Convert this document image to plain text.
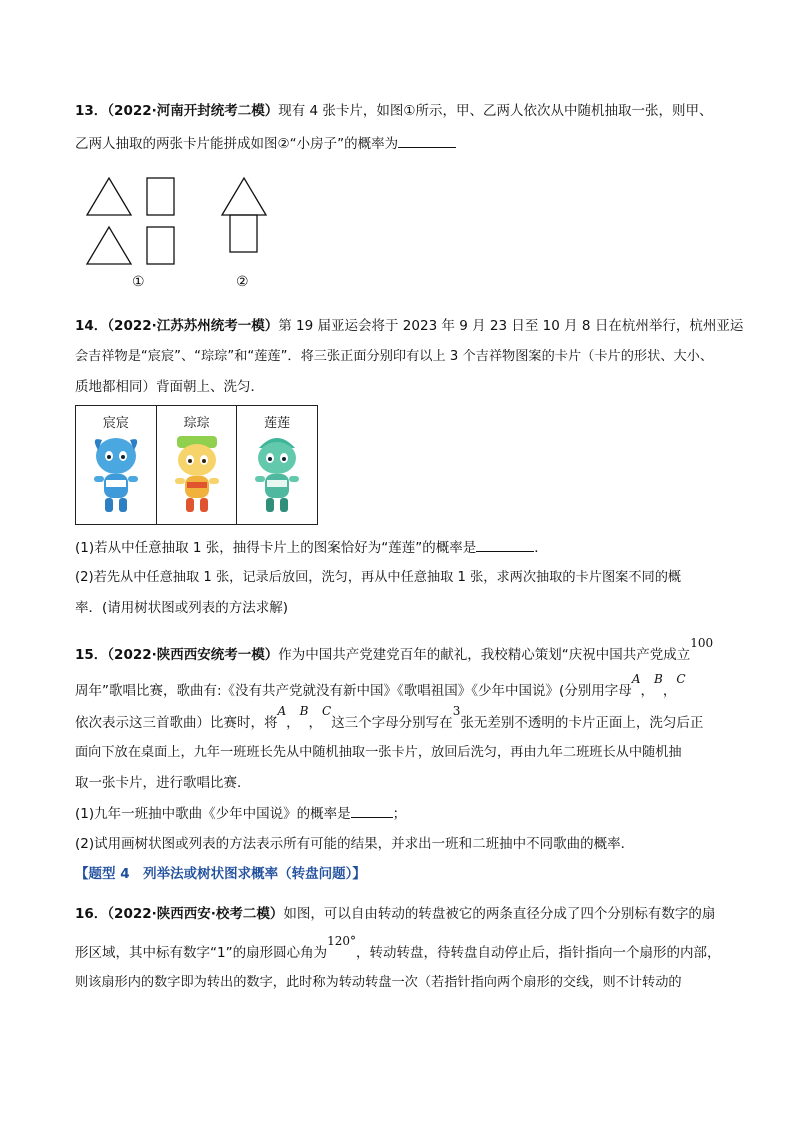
13．（2022·河南开封统考二模）现有 4 张卡片，如图①所示，甲、乙两人依次从中随机抽取一张，则甲、
乙两人抽取的两张卡片能拼成如图②“小房子”的概率为
①	②
14．（2022·江苏苏州统考一模）第 19 届亚运会将于 2023 年 9 月 23 日至 10 月 8 日在杭州举行，杭州亚运
会吉祥物是“宸宸”、“琮琮”和“莲莲”．将三张正面分别印有以上 3 个吉祥物图案的卡片（卡片的形状、大小、
质地都相同）背面朝上、洗匀．
宸宸	琮琮	莲莲
(1)若从中任意抽取 1 张，抽得卡片上的图案恰好为“莲莲”的概率是	．
(2)若先从中任意抽取 1 张，记录后放回，洗匀，再从中任意抽取 1 张，求两次抽取的卡片图案不同的概
率．(请用树状图或列表的方法求解)
15．（2022·陕西西安统考一模）作为中国共产党建党百年的献礼，我校精心策划“庆祝中国共产党成立100
周年”歌唱比赛，歌曲有:《没有共产党就没有新中国》《歌唱祖国》《少年中国说》(分别用字母A，B，C
依次表示这三首歌曲）比赛时，将A，B，C这三个字母分别写在3张无差别不透明的卡片正面上，洗匀后正
面向下放在桌面上，九年一班班长先从中随机抽取一张卡片，放回后洗匀，再由九年二班班长从中随机抽
取一张卡片，进行歌唱比赛．
(1)九年一班抽中歌曲《少年中国说》的概率是	；
(2)试用画树状图或列表的方法表示所有可能的结果，并求出一班和二班抽中不同歌曲的概率．
【题型 4　列举法或树状图求概率（转盘问题）】
16．（2022·陕西西安·校考二模）如图，可以自由转动的转盘被它的两条直径分成了四个分别标有数字的扇
形区域，其中标有数字“1”的扇形圆心角为120°，转动转盘，待转盘自动停止后，指针指向一个扇形的内部，
则该扇形内的数字即为转出的数字，此时称为转动转盘一次（若指针指向两个扇形的交线，则不计转动的
